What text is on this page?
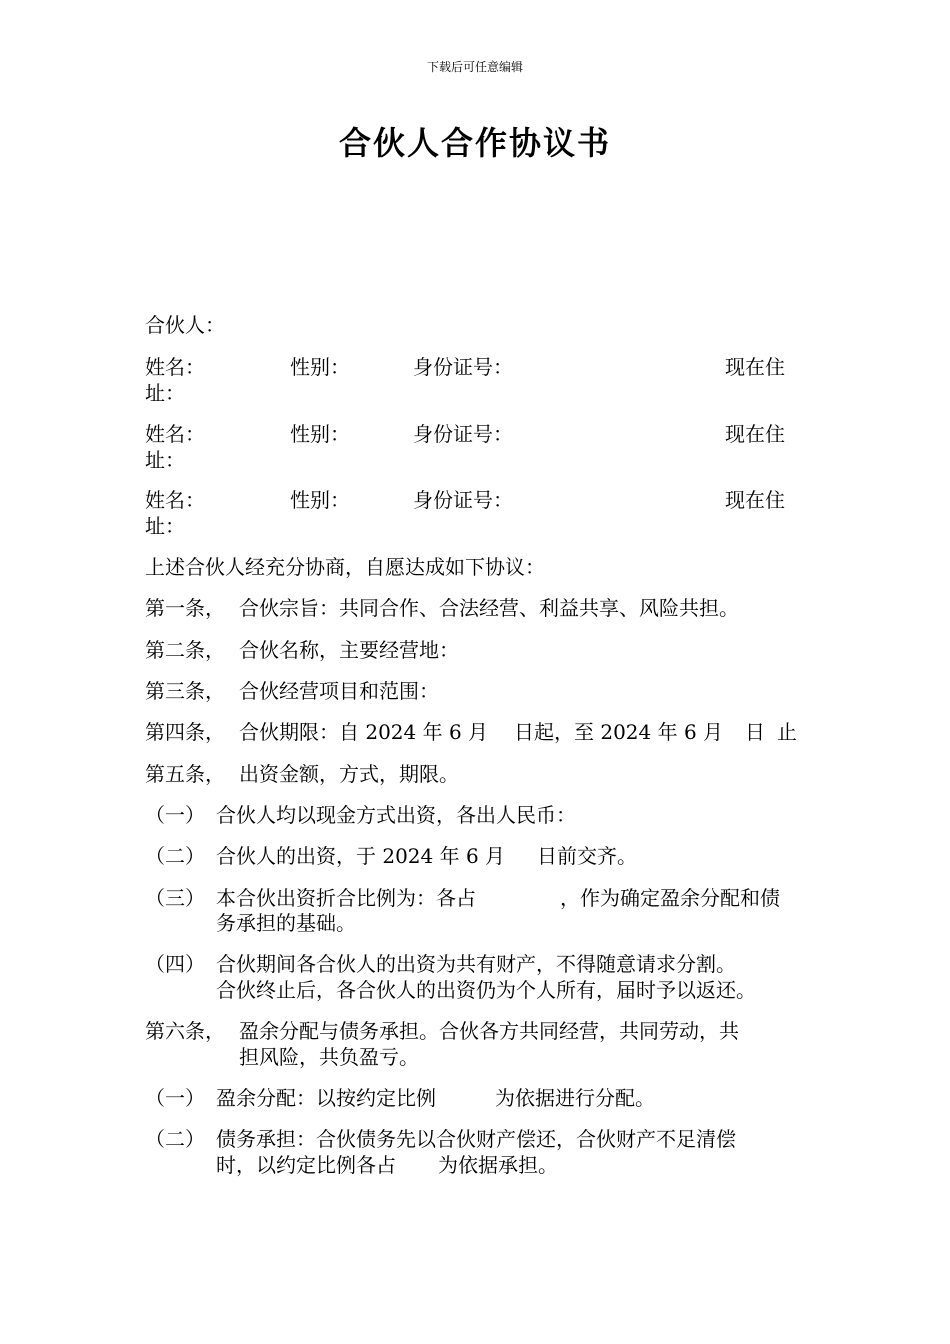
下载后可任意编辑
合伙人合作协议书
合伙人：
姓名：	性别：	身份证号：	现在住
址：
姓名：	性别：	身份证号：	现在住
址：
姓名：	性别：	身份证号：	现在住
址：
上述合伙人经充分协商，自愿达成如下协议：
第一条， 合伙宗旨：共同合作、合法经营、利益共享、风险共担。
第二条， 合伙名称，主要经营地：
第三条， 合伙经营项目和范围：
第四条， 合伙期限：自 2024 年 6 月 日起，至 2024 年 6 月 日 止
第五条， 出资金额，方式，期限。
（一） 合伙人均以现金方式出资，各出人民币：
（二） 合伙人的出资，于 2024 年 6 月 日前交齐。
（三） 本合伙出资折合比例为：各占	，作为确定盈余分配和债
务承担的基础。
（四） 合伙期间各合伙人的出资为共有财产，不得随意请求分割。
合伙终止后，各合伙人的出资仍为个人所有，届时予以返还。
第六条， 盈余分配与债务承担。合伙各方共同经营，共同劳动，共
担风险，共负盈亏。
（一） 盈余分配：以按约定比例	为依据进行分配。
（二） 债务承担：合伙债务先以合伙财产偿还，合伙财产不足清偿
时，以约定比例各占 为依据承担。
